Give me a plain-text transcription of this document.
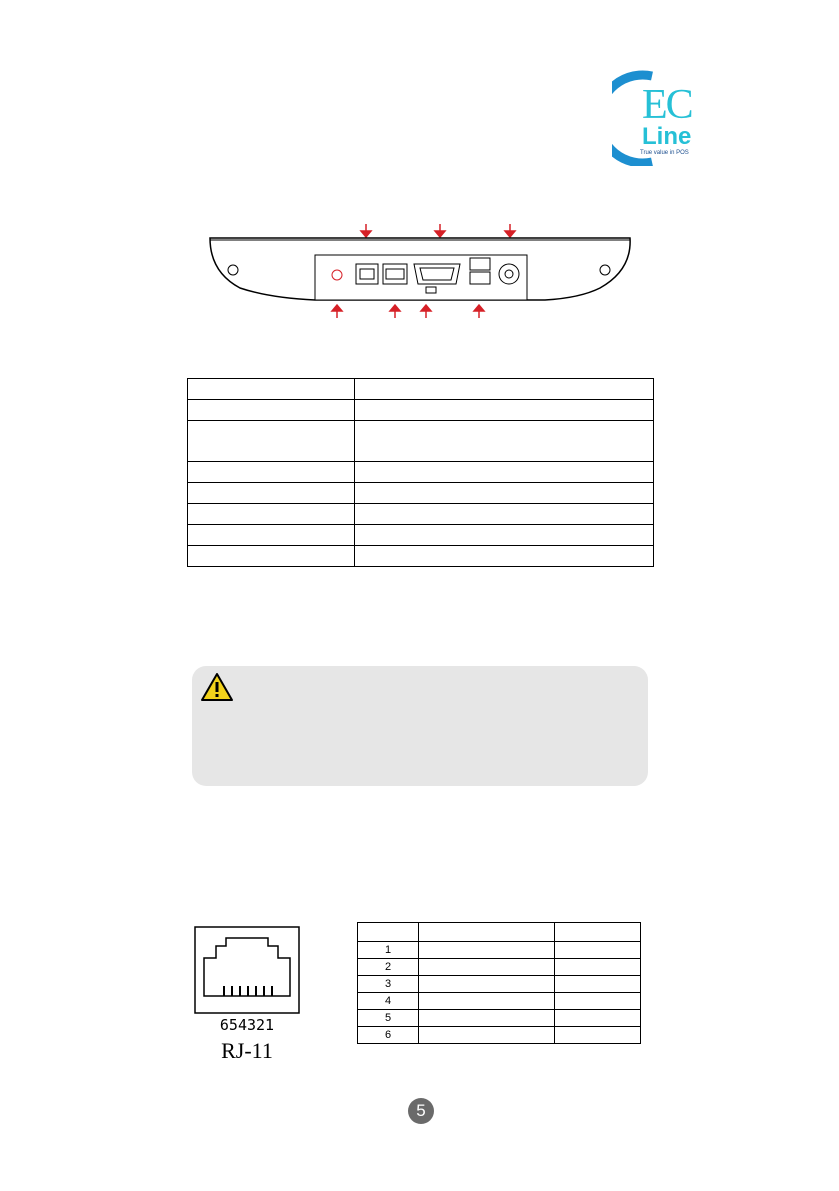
EC
Line
True value in POS

654321
RJ-11

1		
2		
3		
4		
5		
6		
5
